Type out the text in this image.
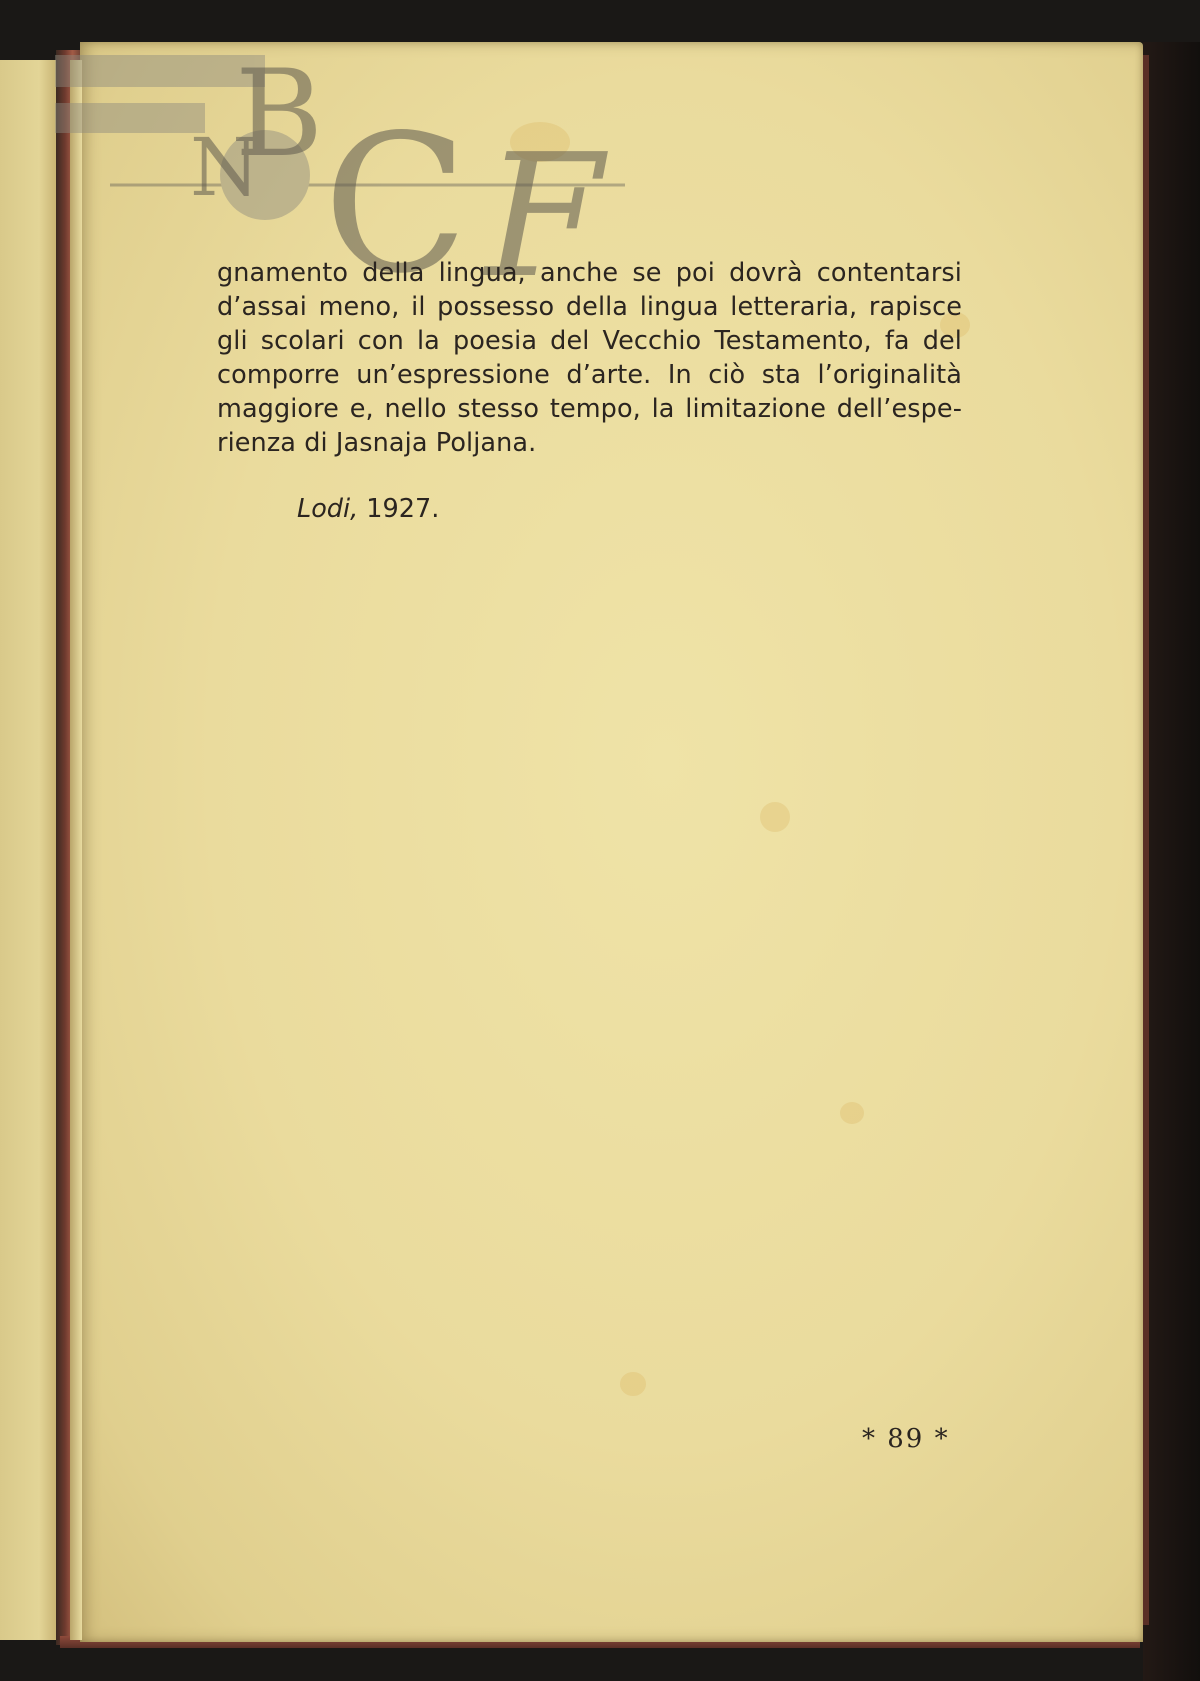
B
N C F
gnamento della lingua, anche se poi dovrà contentarsi
d’assai meno, il possesso della lingua letteraria, rapisce
gli scolari con la poesia del Vecchio Testamento, fa del
comporre un’espressione d’arte. In ciò sta l’originalità
maggiore e, nello stesso tempo, la limitazione dell’espe-
rienza di Jasnaja Poljana.

Lodi, 1927.

* 89 *
